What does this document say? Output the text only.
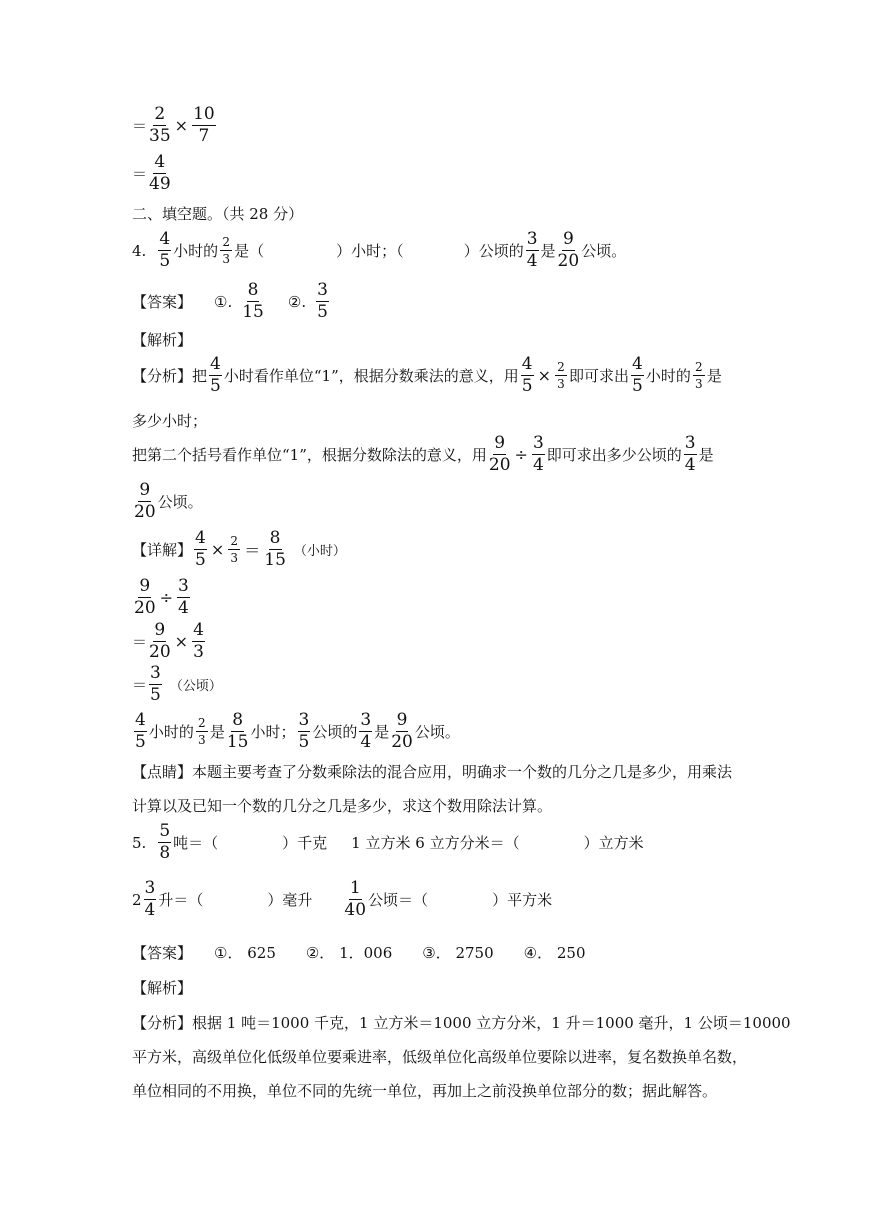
＝ $\frac{2}{35} \times \frac{10}{7}$
＝ $\frac{4}{49}$
二、填空题。（共 28 分）
4. $\frac{4}{5}$ 小时的 $\frac{2}{3}$ 是（	）小时；（	）公顷的 $\frac{3}{4}$ 是 $\frac{9}{20}$ 公顷。
【答案】 ①. $\frac{8}{15}$ ②. $\frac{3}{5}$
【解析】
【分析】 把 $\frac{4}{5}$ 小时看作单位“1”，根据分数乘法的意义，用 $\frac{4}{5} \times \frac{2}{3}$ 即可求出 $\frac{4}{5}$ 小时的 $\frac{2}{3}$ 是
多少小时；
把第二个括号看作单位“1”，根据分数除法的意义，用 $\frac{9}{20} \div \frac{3}{4}$ 即可求出多少公顷的 $\frac{3}{4}$ 是
$\frac{9}{20}$ 公顷。
【详解】 $\frac{4}{5} \times \frac{2}{3} = \frac{8}{15}$ （小时）
$\frac{9}{20} \div \frac{3}{4}$
＝ $\frac{9}{20} \times \frac{4}{3}$
＝ $\frac{3}{5}$ （公顷）
$\frac{4}{5}$ 小时的 $\frac{2}{3}$ 是 $\frac{8}{15}$ 小时； $\frac{3}{5}$ 公顷的 $\frac{3}{4}$ 是 $\frac{9}{20}$ 公顷。
【点睛】本题主要考查了分数乘除法的混合应用，明确求一个数的几分之几是多少，用乘法
计算以及已知一个数的几分之几是多少，求这个数用除法计算。
5. $\frac{5}{8}$ 吨＝（	）千克 1 立方米 6 立方分米＝（	）立方米
$2 \frac{3}{4}$ 升＝（	）毫升 $\frac{1}{40}$ 公顷＝（	）平方米
【答案】 ①． 625　　②． 1．006　　③． 2750　　④． 250
【解析】
【分析】根据 1 吨＝1000 千克，1 立方米＝1000 立方分米，1 升＝1000 毫升，1 公顷＝10000
平方米，高级单位化低级单位要乘进率，低级单位化高级单位要除以进率，复名数换单名数，
单位相同的不用换，单位不同的先统一单位，再加上之前没换单位部分的数；据此解答。
